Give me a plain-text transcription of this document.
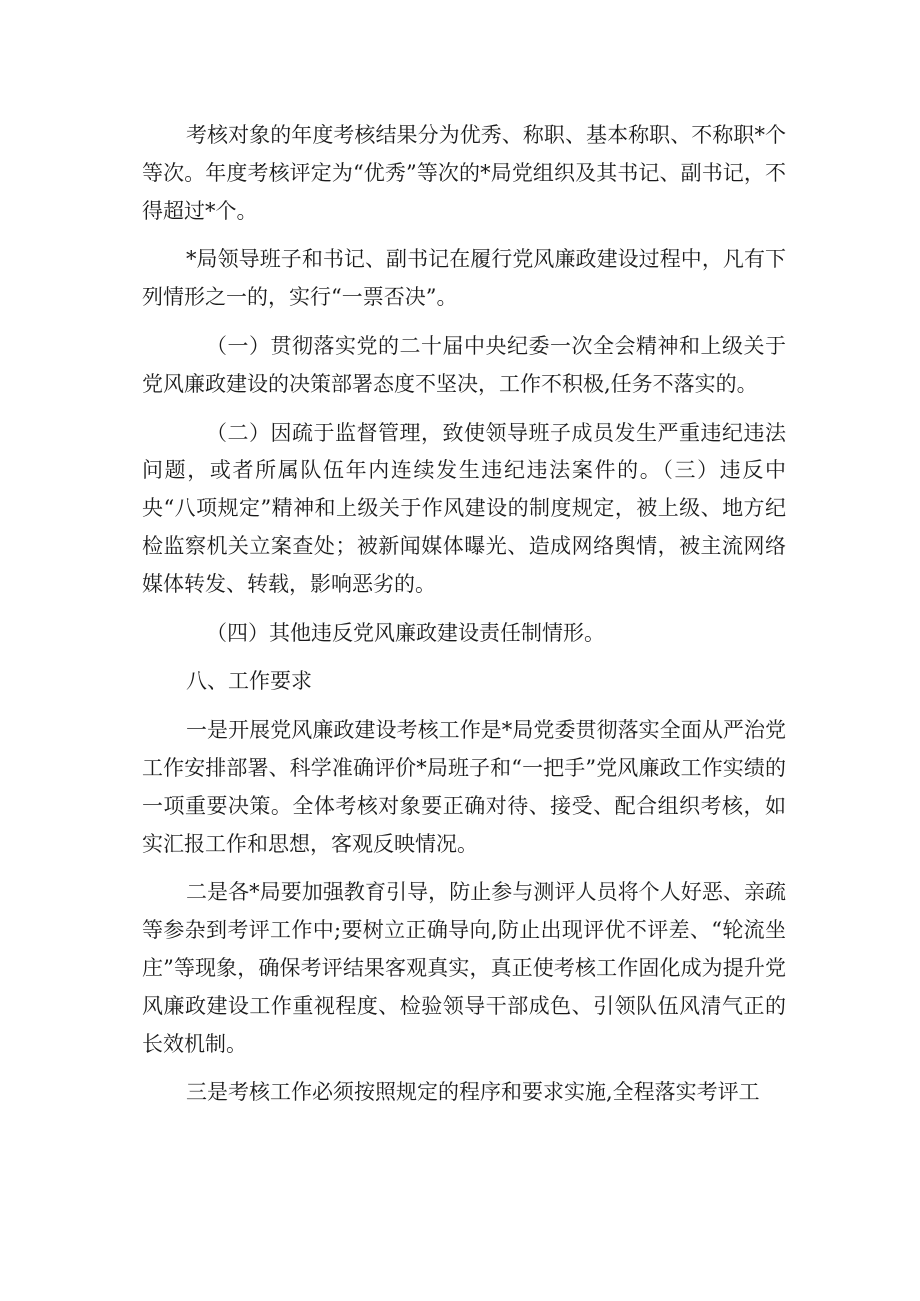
考核对象的年度考核结果分为优秀、称职、基本称职、不称职*个等次。年度考核评定为“优秀”等次的*局党组织及其书记、副书记，不得超过*个。

*局领导班子和书记、副书记在履行党风廉政建设过程中，凡有下列情形之一的，实行“一票否决”。

（一）贯彻落实党的二十届中央纪委一次全会精神和上级关于党风廉政建设的决策部署态度不坚决，工作不积极,任务不落实的。

（二）因疏于监督管理，致使领导班子成员发生严重违纪违法问题，或者所属队伍年内连续发生违纪违法案件的。（三）违反中央“八项规定”精神和上级关于作风建设的制度规定，被上级、地方纪检监察机关立案查处；被新闻媒体曝光、造成网络舆情，被主流网络媒体转发、转载，影响恶劣的。

（四）其他违反党风廉政建设责任制情形。

八、工作要求

一是开展党风廉政建设考核工作是*局党委贯彻落实全面从严治党工作安排部署、科学准确评价*局班子和“一把手”党风廉政工作实绩的一项重要决策。全体考核对象要正确对待、接受、配合组织考核，如实汇报工作和思想，客观反映情况。

二是各*局要加强教育引导，防止参与测评人员将个人好恶、亲疏等参杂到考评工作中;要树立正确导向,防止出现评优不评差、“轮流坐庄”等现象，确保考评结果客观真实，真正使考核工作固化成为提升党风廉政建设工作重视程度、检验领导干部成色、引领队伍风清气正的长效机制。

三是考核工作必须按照规定的程序和要求实施,全程落实考评工
